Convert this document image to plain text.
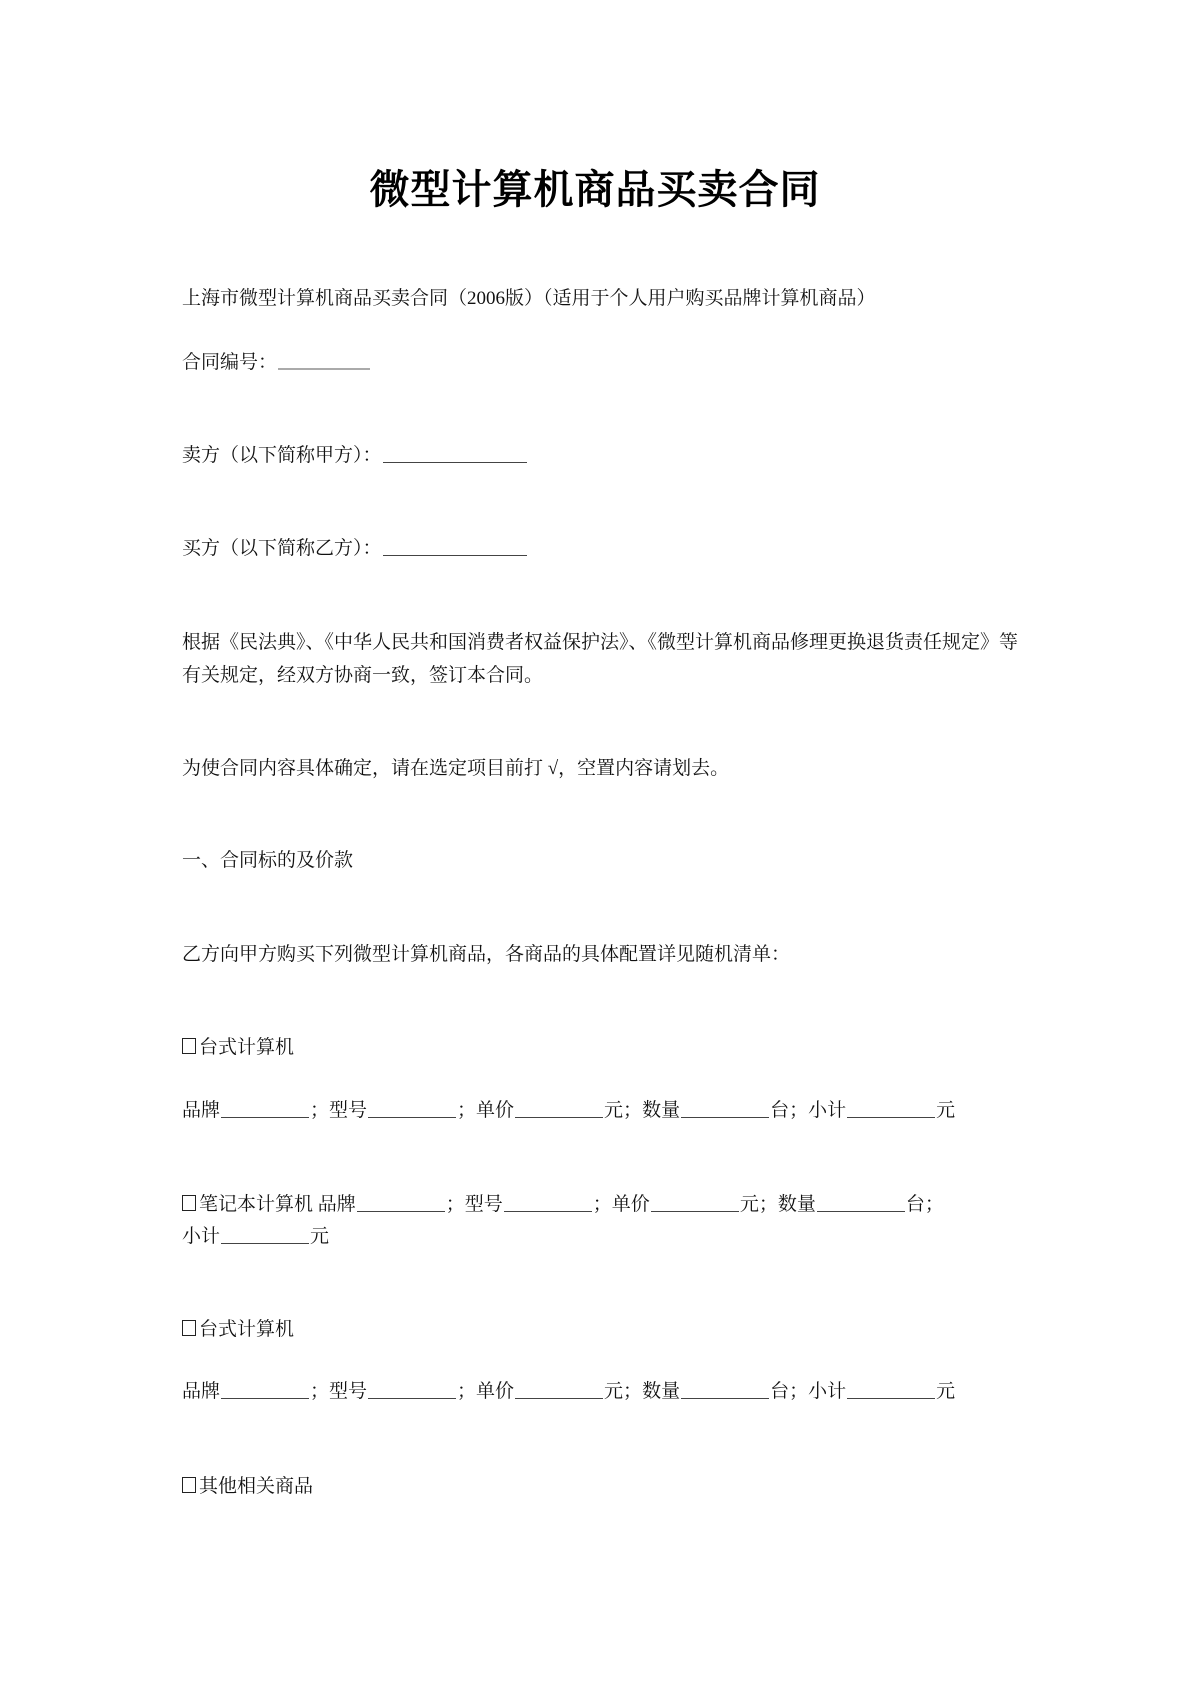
微型计算机商品买卖合同
上海市微型计算机商品买卖合同（2006版）（适用于个人用户购买品牌计算机商品）
合同编号：
卖方（以下简称甲方）：
买方（以下简称乙方）：
根据《民法典》、《中华人民共和国消费者权益保护法》、《微型计算机商品修理更换退货责任规定》等有关规定，经双方协商一致，签订本合同。
为使合同内容具体确定，请在选定项目前打 √，空置内容请划去。
一、合同标的及价款
乙方向甲方购买下列微型计算机商品，各商品的具体配置详见随机清单：
台式计算机
品牌	；型号	；单价	元；数量	台；小计	元
笔记本计算机 品牌	；型号	；单价	元；数量	台；
小计	元
台式计算机
品牌	；型号	；单价	元；数量	台；小计	元
其他相关商品
